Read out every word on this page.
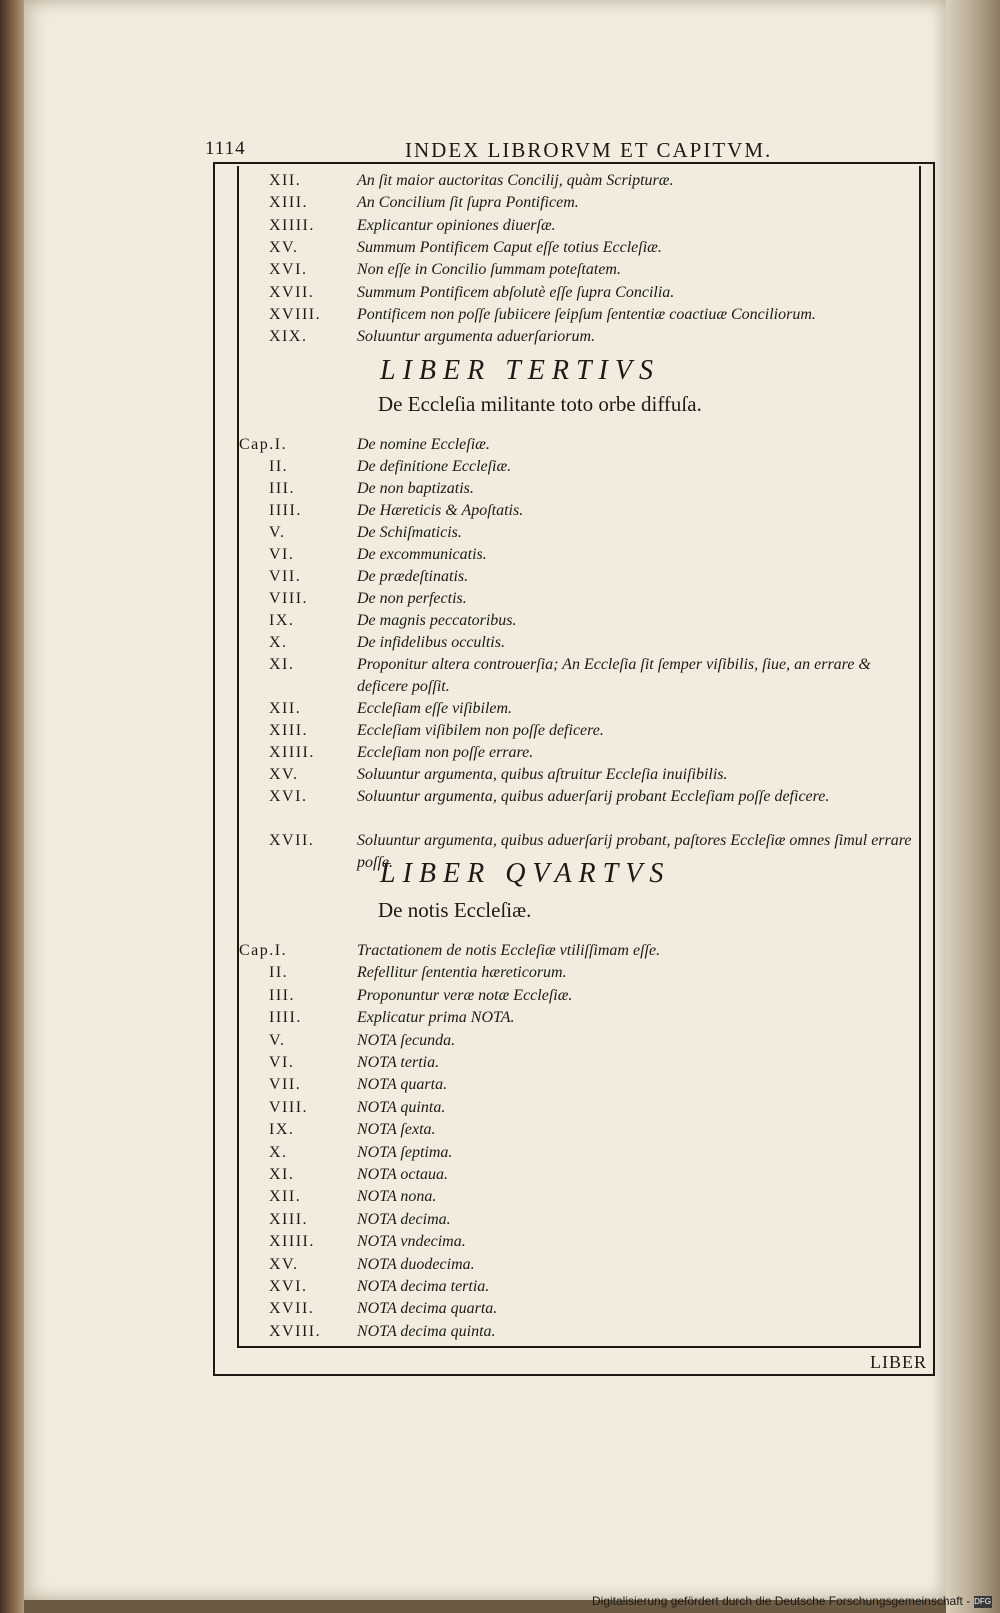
1114	INDEX LIBRORVM ET CAPITVM.
XII.	An ſit maior auctoritas Concilij, quàm Scripturæ.
XIII.	An Concilium ſit ſupra Pontificem.
XIIII.	Explicantur opiniones diuerſæ.
XV.	Summum Pontificem Caput eſſe totius Eccleſiæ.
XVI.	Non eſſe in Concilio ſummam poteſtatem.
XVII.	Summum Pontificem abſolutè eſſe ſupra Concilia.
XVIII.	Pontificem non poſſe ſubiicere ſeipſum ſententiæ coactiuæ Conciliorum.
XIX.	Soluuntur argumenta aduerſariorum.
LIBER TERTIVS
De Eccleſia militante toto orbe diffuſa.
Cap.I.	De nomine Eccleſiæ.
II.	De definitione Eccleſiæ.
III.	De non baptizatis.
IIII.	De Hæreticis & Apoſtatis.
V.	De Schiſmaticis.
VI.	De excommunicatis.
VII.	De prædeſtinatis.
VIII.	De non perfectis.
IX.	De magnis peccatoribus.
X.	De infidelibus occultis.
XI.	Proponitur altera controuerſia; An Eccleſia ſit ſemper viſibilis, ſiue, an errare & deficere poſſit.
XII.	Eccleſiam eſſe viſibilem.
XIII.	Eccleſiam viſibilem non poſſe deficere.
XIIII.	Eccleſiam non poſſe errare.
XV.	Soluuntur argumenta, quibus aſtruitur Eccleſia inuiſibilis.
XVI.	Soluuntur argumenta, quibus aduerſarij probant Eccleſiam poſſe deficere.
XVII.	Soluuntur argumenta, quibus aduerſarij probant, paſtores Eccleſiæ omnes ſimul errare poſſe.
LIBER QVARTVS
De notis Eccleſiæ.
Cap.I.	Tractationem de notis Eccleſiæ vtiliſſimam eſſe.
II.	Refellitur ſententia hæreticorum.
III.	Proponuntur veræ notæ Eccleſiæ.
IIII.	Explicatur prima NOTA.
V.	NOTA ſecunda.
VI.	NOTA tertia.
VII.	NOTA quarta.
VIII.	NOTA quinta.
IX.	NOTA ſexta.
X.	NOTA ſeptima.
XI.	NOTA octaua.
XII.	NOTA nona.
XIII.	NOTA decima.
XIIII.	NOTA vndecima.
XV.	NOTA duodecima.
XVI.	NOTA decima tertia.
XVII.	NOTA decima quarta.
XVIII.	NOTA decima quinta.
LIBER
Digitalisierung gefördert durch die Deutsche Forschungsgemeinschaft - DFG
